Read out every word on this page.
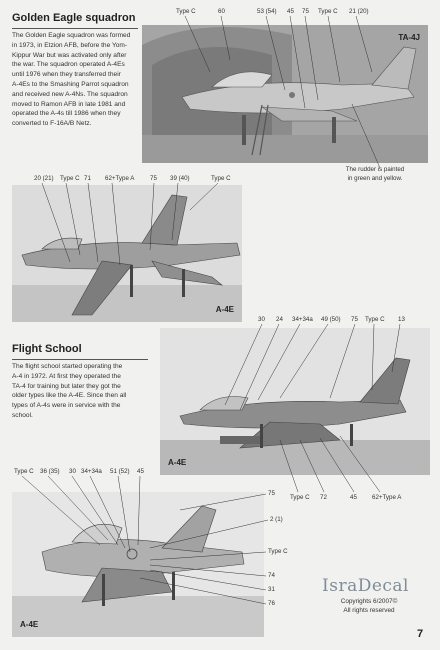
Golden Eagle squadron
The Golden Eagle squadron was formed
in 1973, in Etzion AFB, before the Yom-
Kippur War but was activated only after
the war. The squadron operated A-4Es
until 1976 when they transferred their
A-4Es to the Smashing Parrot squadron
and received new A-4Ns. The squadron
moved to Ramon AFB in late 1981 and
operated the A-4s till 1986 when they
converted to F-16A/B Netz.
TA-4J
Type C	60	53 (54) 45 75 Type C 21 (20)
The rudder is painted
in green and yellow.
20 (21) Type C 71 62+Type A	75 39 (40)	Type C
A-4E
Flight School
The flight school started operating the
A-4 in 1972. At first they operated the
TA-4 for training but later they got the
older types like the A-4E. Since then all
types of A-4s were in service with the
school.
30 24 34+34a 49 (50) 75 Type C 13
A-4E
Type C 72	45 62+Type A
Type C 36 (35) 30 34+34a 51 (52) 45
A-4E
75
2 (1)
Type C
74
31
76
IsraDecal
Copyrights 6/2007©
All rights reserved
7
